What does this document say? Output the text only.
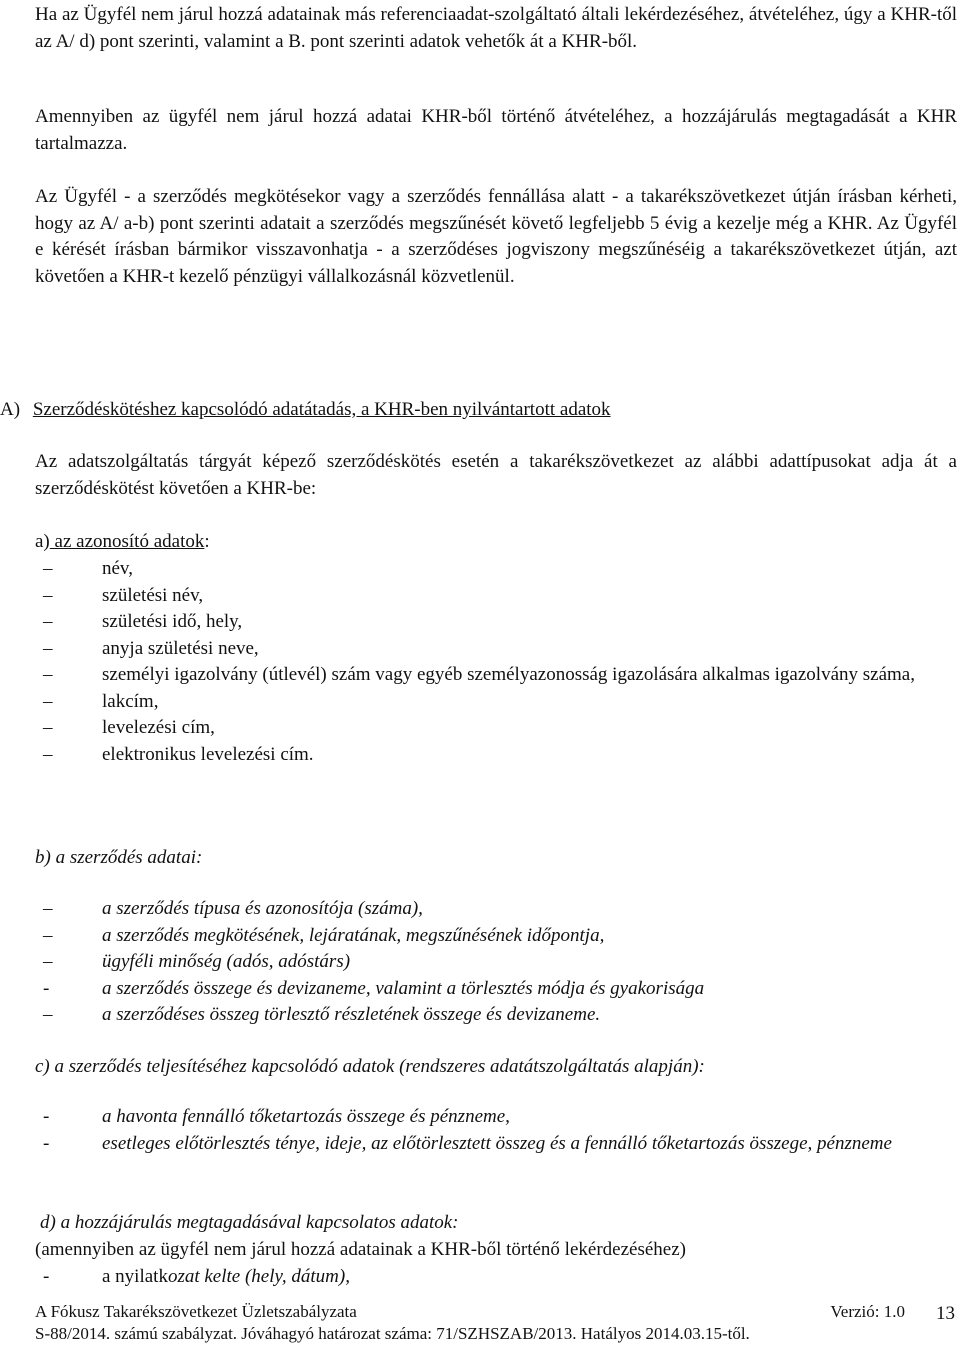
Ha az Ügyfél nem járul hozzá adatainak más referenciaadat-szolgáltató általi lekérdezéséhez, átvételéhez, úgy a KHR-től az A/ d) pont szerinti, valamint a B. pont szerinti adatok vehetők át a KHR-ből.

Amennyiben az ügyfél nem járul hozzá adatai KHR-ből történő átvételéhez, a hozzájárulás megtagadását a KHR tartalmazza.

Az Ügyfél - a szerződés megkötésekor vagy a szerződés fennállása alatt - a takarékszövetkezet útján írásban kérheti, hogy az A/ a-b) pont szerinti adatait a szerződés megszűnését követő legfeljebb 5 évig a kezelje még a KHR. Az Ügyfél e kérését írásban bármikor visszavonhatja - a szerződéses jogviszony megszűnéséig a takarékszövetkezet útján, azt követően a KHR-t kezelő pénzügyi vállalkozásnál közvetlenül.

A) Szerződéskötéshez kapcsolódó adatátadás, a KHR-ben nyilvántartott adatok

Az adatszolgáltatás tárgyát képező szerződéskötés esetén a takarékszövetkezet az alábbi adattípusokat adja át a szerződéskötést követően a KHR-be:

a) az azonosító adatok:
–	név,
–	születési név,
–	születési idő, hely,
–	anyja születési neve,
–	személyi igazolvány (útlevél) szám vagy egyéb személyazonosság igazolására alkalmas igazolvány száma,
–	lakcím,
–	levelezési cím,
–	elektronikus levelezési cím.
b) a szerződés adatai:
–	a szerződés típusa és azonosítója (száma),
–	a szerződés megkötésének, lejáratának, megszűnésének időpontja,
–	ügyféli minőség (adós, adóstárs)
-	a szerződés összege és devizaneme, valamint a törlesztés módja és gyakorisága
–	a szerződéses összeg törlesztő részletének összege és devizaneme.
c) a szerződés teljesítéséhez kapcsolódó adatok (rendszeres adatátszolgáltatás alapján):
-	a havonta fennálló tőketartozás összege és pénzneme,
-	esetleges előtörlesztés ténye, ideje, az előtörlesztett összeg és a fennálló tőketartozás összege, pénzneme
d) a hozzájárulás megtagadásával kapcsolatos adatok:
(amennyiben az ügyfél nem járul hozzá adatainak a KHR-ből történő lekérdezéséhez)
-	a nyilatkozat kelte (hely, dátum),
A Fókusz Takarékszövetkezet Üzletszabályzata	Verzió: 1.0
S-88/2014. számú szabályzat. Jóváhagyó határozat száma: 71/SZHSZAB/2013. Hatályos 2014.03.15-től.
13
